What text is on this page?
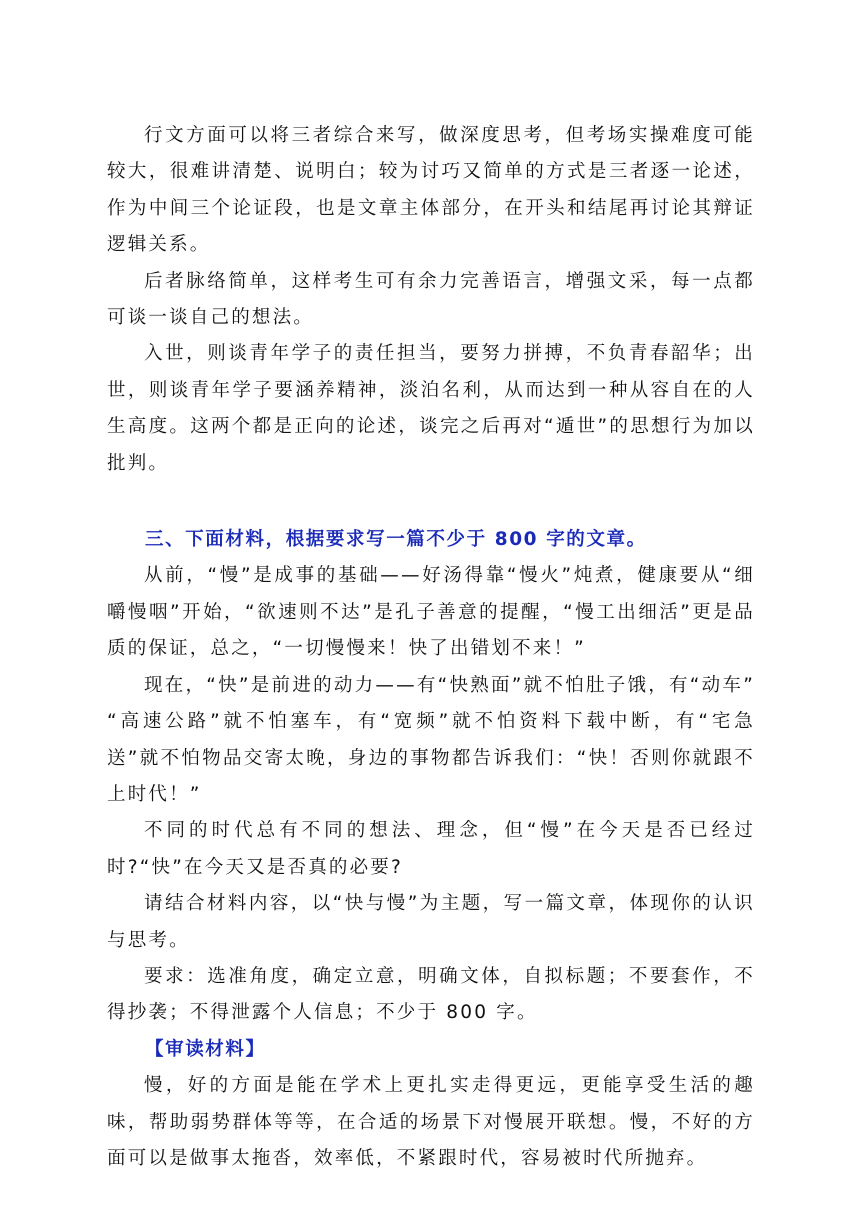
行文方面可以将三者综合来写，做深度思考，但考场实操难度可能较大，很难讲清楚、说明白；较为讨巧又简单的方式是三者逐一论述，作为中间三个论证段，也是文章主体部分，在开头和结尾再讨论其辩证逻辑关系。

后者脉络简单，这样考生可有余力完善语言，增强文采，每一点都可谈一谈自己的想法。

入世，则谈青年学子的责任担当，要努力拼搏，不负青春韶华；出世，则谈青年学子要涵养精神，淡泊名利，从而达到一种从容自在的人生高度。这两个都是正向的论述，谈完之后再对“遁世”的思想行为加以批判。

三、下面材料，根据要求写一篇不少于 800 字的文章。

从前，“慢”是成事的基础——好汤得靠“慢火”炖煮，健康要从“细嚼慢咽”开始，“欲速则不达”是孔子善意的提醒，“慢工出细活”更是品质的保证，总之，“一切慢慢来！快了出错划不来！”

现在，“快”是前进的动力——有“快熟面”就不怕肚子饿，有“动车” “高速公路”就不怕塞车，有“宽频”就不怕资料下载中断，有“宅急送”就不怕物品交寄太晚，身边的事物都告诉我们：“快！否则你就跟不上时代！”

不同的时代总有不同的想法、理念，但“慢”在今天是否已经过时?“快”在今天又是否真的必要?

请结合材料内容，以“快与慢”为主题，写一篇文章，体现你的认识与思考。

要求：选准角度，确定立意，明确文体，自拟标题；不要套作，不得抄袭；不得泄露个人信息；不少于 800 字。

【审读材料】

慢，好的方面是能在学术上更扎实走得更远，更能享受生活的趣味，帮助弱势群体等等，在合适的场景下对慢展开联想。慢，不好的方面可以是做事太拖沓，效率低，不紧跟时代，容易被时代所抛弃。
